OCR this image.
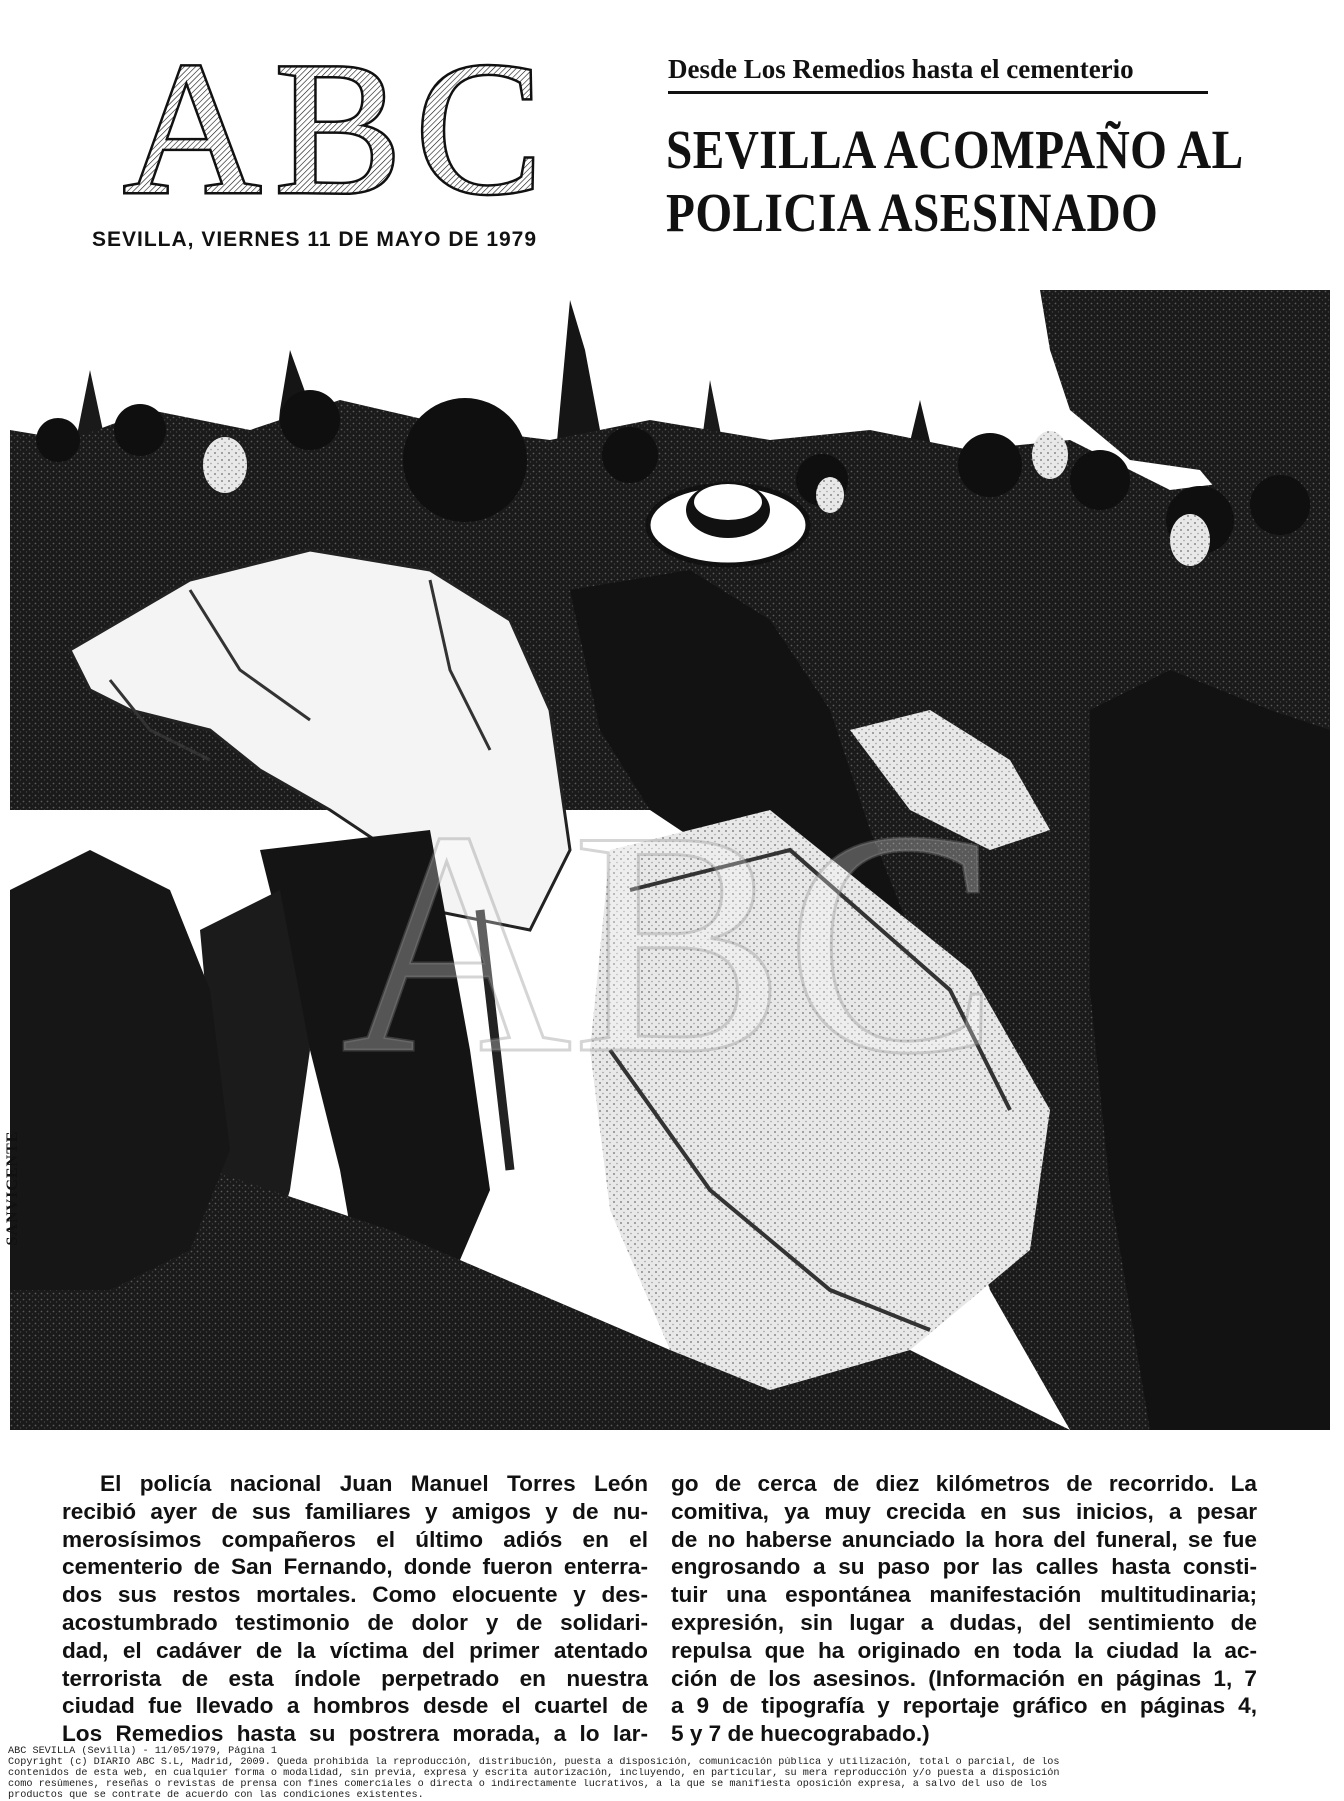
ABC
SEVILLA, VIERNES 11 DE MAYO DE 1979
Desde Los Remedios hasta el cementerio
SEVILLA ACOMPAÑO AL
POLICIA ASESINADO
ABC
SANVICENTE
El policía nacional Juan Manuel Torres León
recibió ayer de sus familiares y amigos y de nu-
merosísimos compañeros el último adiós en el
cementerio de San Fernando, donde fueron enterra-
dos sus restos mortales. Como elocuente y des-
acostumbrado testimonio de dolor y de solidari-
dad, el cadáver de la víctima del primer atentado
terrorista de esta índole perpetrado en nuestra
ciudad fue llevado a hombros desde el cuartel de
Los Remedios hasta su postrera morada, a lo lar-
go de cerca de diez kilómetros de recorrido. La
comitiva, ya muy crecida en sus inicios, a pesar
de no haberse anunciado la hora del funeral, se fue
engrosando a su paso por las calles hasta consti-
tuir una espontánea manifestación multitudinaria;
expresión, sin lugar a dudas, del sentimiento de
repulsa que ha originado en toda la ciudad la ac-
ción de los asesinos. (Información en páginas 1, 7
a 9 de tipografía y reportaje gráfico en páginas 4,
5 y 7 de huecograbado.)
ABC SEVILLA (Sevilla) - 11/05/1979, Página 1
Copyright (c) DIARIO ABC S.L, Madrid, 2009. Queda prohibida la reproducción, distribución, puesta a disposición, comunicación pública y utilización, total o parcial, de los
contenidos de esta web, en cualquier forma o modalidad, sin previa, expresa y escrita autorización, incluyendo, en particular, su mera reproducción y/o puesta a disposición
como resúmenes, reseñas o revistas de prensa con fines comerciales o directa o indirectamente lucrativos, a la que se manifiesta oposición expresa, a salvo del uso de los
productos que se contrate de acuerdo con las condiciones existentes.
